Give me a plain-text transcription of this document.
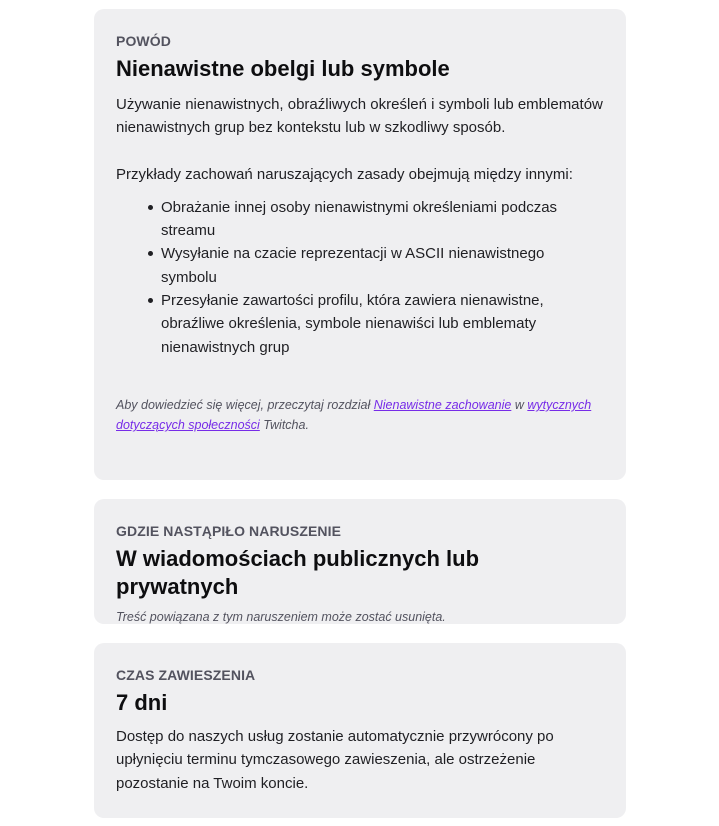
POWÓD
Nienawistne obelgi lub symbole
Używanie nienawistnych, obraźliwych określeń i symboli lub emblematów nienawistnych grup bez kontekstu lub w szkodliwy sposób.
Przykłady zachowań naruszających zasady obejmują między innymi:
Obrażanie innej osoby nienawistnymi określeniami podczas streamu
Wysyłanie na czacie reprezentacji w ASCII nienawistnego symbolu
Przesyłanie zawartości profilu, która zawiera nienawistne, obraźliwe określenia, symbole nienawiści lub emblematy nienawistnych grup
Aby dowiedzieć się więcej, przeczytaj rozdział Nienawistne zachowanie w wytycznych dotyczących społeczności Twitcha.
GDZIE NASTĄPIŁO NARUSZENIE
W wiadomościach publicznych lub prywatnych
Treść powiązana z tym naruszeniem może zostać usunięta.
CZAS ZAWIESZENIA
7 dni
Dostęp do naszych usług zostanie automatycznie przywrócony po upłynięciu terminu tymczasowego zawieszenia, ale ostrzeżenie pozostanie na Twoim koncie.
